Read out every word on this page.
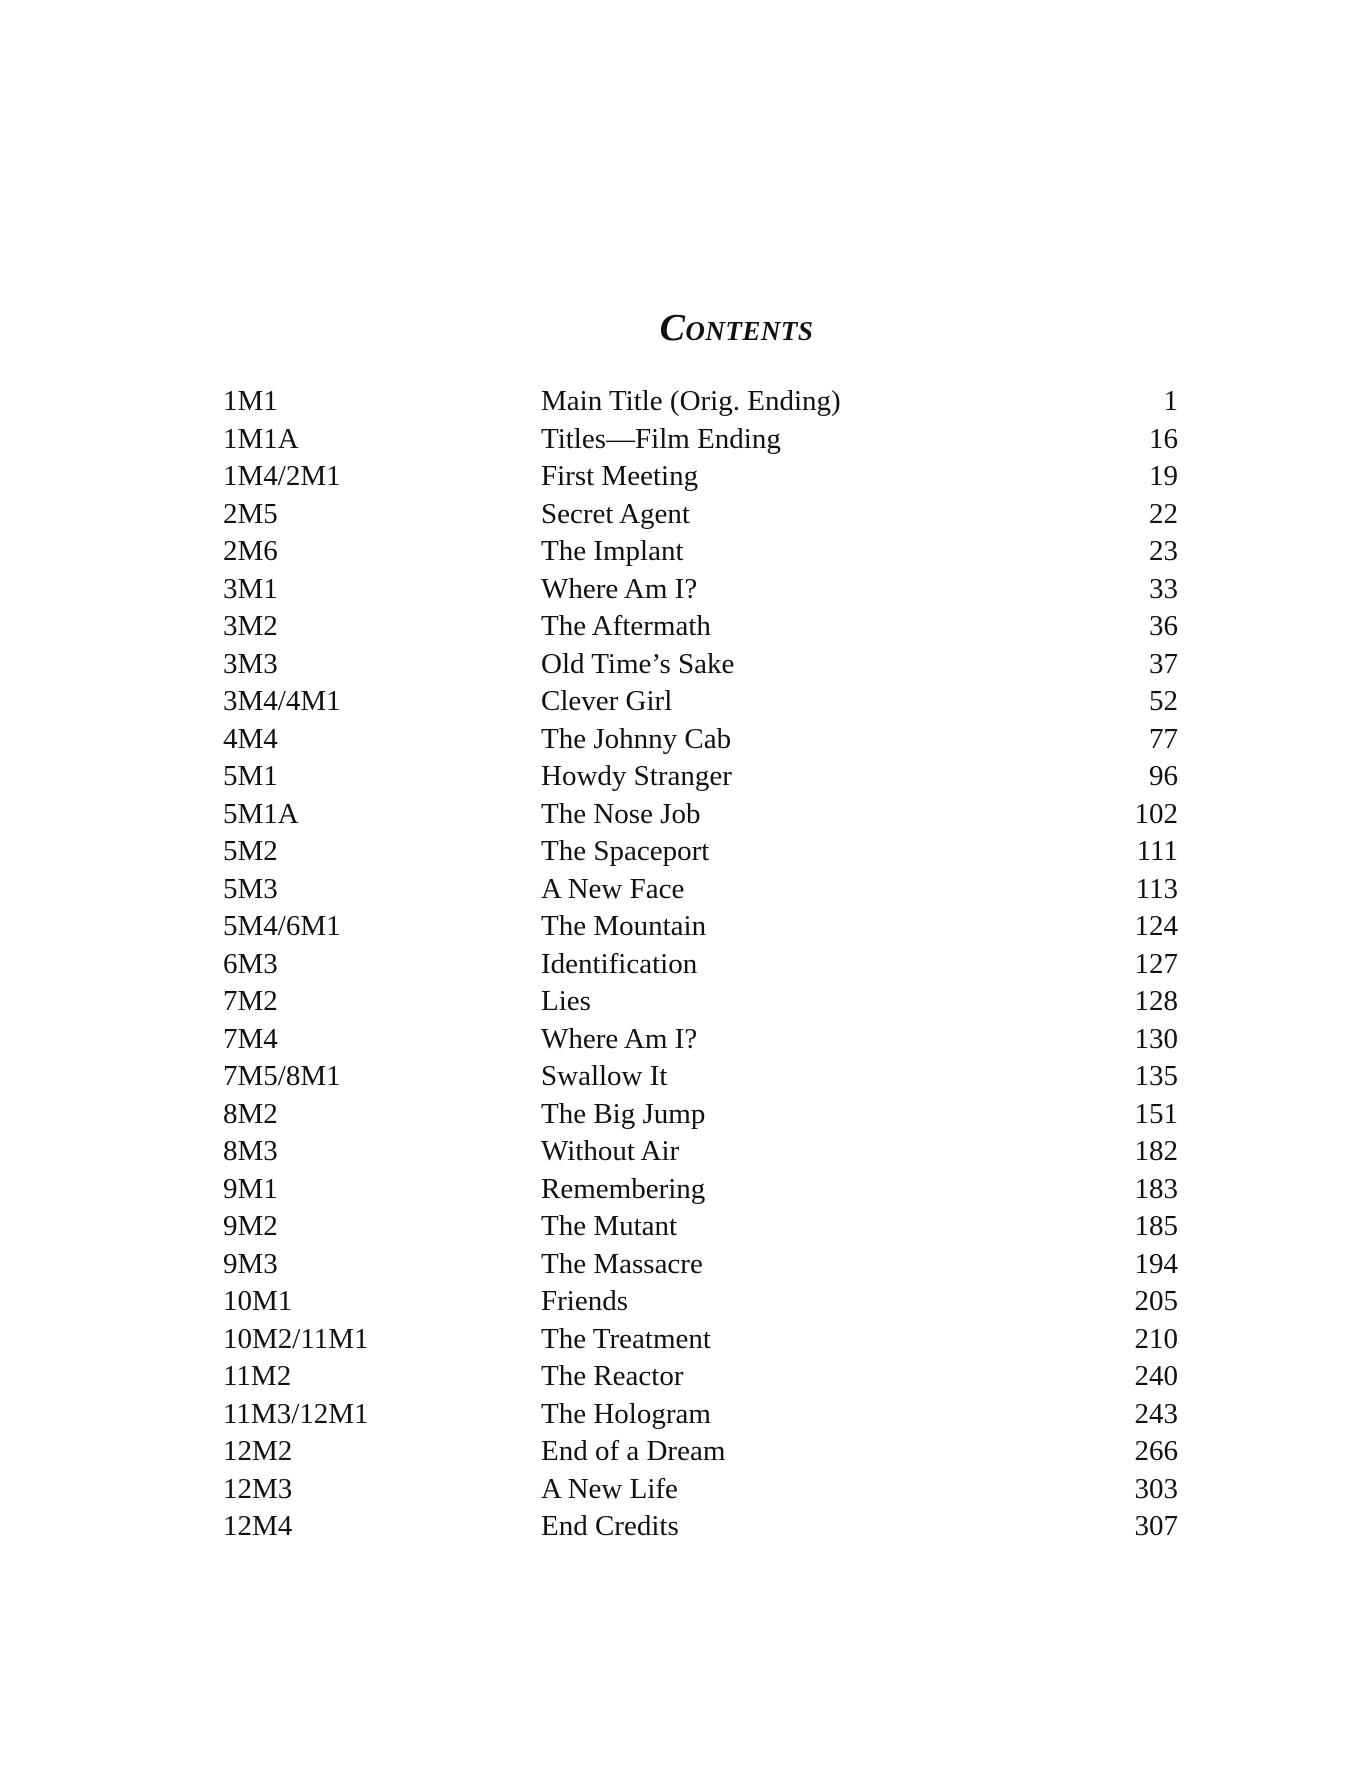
Contents
1M1	Main Title (Orig. Ending)	1
1M1A	Titles—Film Ending	16
1M4/2M1	First Meeting	19
2M5	Secret Agent	22
2M6	The Implant	23
3M1	Where Am I?	33
3M2	The Aftermath	36
3M3	Old Time’s Sake	37
3M4/4M1	Clever Girl	52
4M4	The Johnny Cab	77
5M1	Howdy Stranger	96
5M1A	The Nose Job	102
5M2	The Spaceport	111
5M3	A New Face	113
5M4/6M1	The Mountain	124
6M3	Identification	127
7M2	Lies	128
7M4	Where Am I?	130
7M5/8M1	Swallow It	135
8M2	The Big Jump	151
8M3	Without Air	182
9M1	Remembering	183
9M2	The Mutant	185
9M3	The Massacre	194
10M1	Friends	205
10M2/11M1	The Treatment	210
11M2	The Reactor	240
11M3/12M1	The Hologram	243
12M2	End of a Dream	266
12M3	A New Life	303
12M4	End Credits	307
